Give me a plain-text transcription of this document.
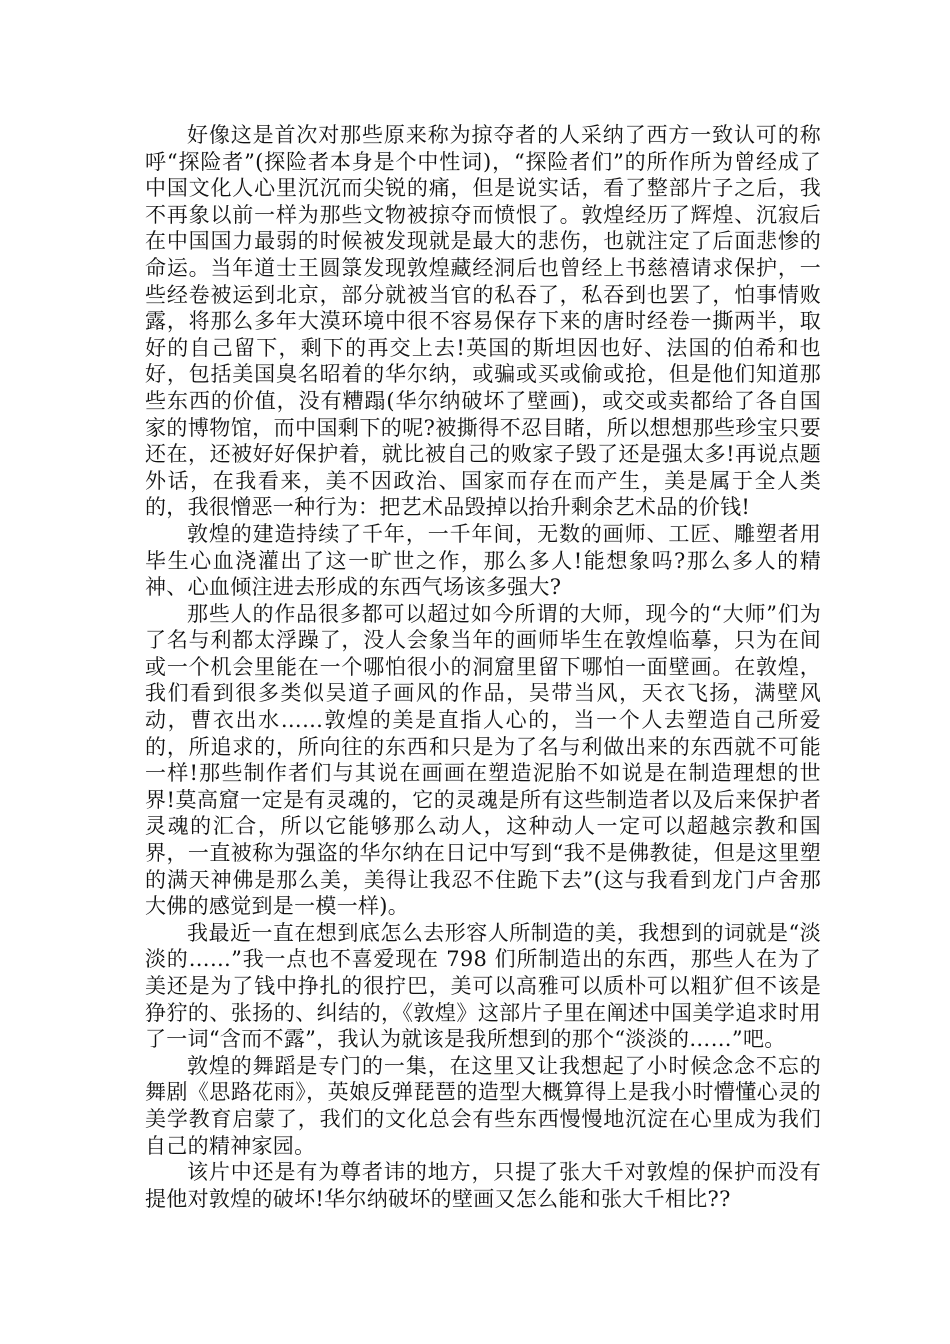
好像这是首次对那些原来称为掠夺者的人采纳了西方一致认可的称呼“探险者”(探险者本身是个中性词)，“探险者们”的所作所为曾经成了中国文化人心里沉沉而尖锐的痛，但是说实话，看了整部片子之后，我不再象以前一样为那些文物被掠夺而愤恨了。敦煌经历了辉煌、沉寂后在中国国力最弱的时候被发现就是最大的悲伤，也就注定了后面悲惨的命运。当年道士王圆箓发现敦煌藏经洞后也曾经上书慈禧请求保护，一些经卷被运到北京，部分就被当官的私吞了，私吞到也罢了，怕事情败露，将那么多年大漠环境中很不容易保存下来的唐时经卷一撕两半，取好的自己留下，剩下的再交上去!英国的斯坦因也好、法国的伯希和也好，包括美国臭名昭着的华尔纳，或骗或买或偷或抢，但是他们知道那些东西的价值，没有糟蹋(华尔纳破坏了壁画)，或交或卖都给了各自国家的博物馆，而中国剩下的呢?被撕得不忍目睹，所以想想那些珍宝只要还在，还被好好保护着，就比被自己的败家子毁了还是强太多!再说点题外话，在我看来，美不因政治、国家而存在而产生，美是属于全人类的，我很憎恶一种行为：把艺术品毁掉以抬升剩余艺术品的价钱!

敦煌的建造持续了千年，一千年间，无数的画师、工匠、雕塑者用毕生心血浇灌出了这一旷世之作，那么多人!能想象吗?那么多人的精神、心血倾注进去形成的东西气场该多强大?

那些人的作品很多都可以超过如今所谓的大师，现今的“大师”们为了名与利都太浮躁了，没人会象当年的画师毕生在敦煌临摹，只为在间或一个机会里能在一个哪怕很小的洞窟里留下哪怕一面壁画。在敦煌，我们看到很多类似吴道子画风的作品，吴带当风，天衣飞扬，满壁风动，曹衣出水……敦煌的美是直指人心的，当一个人去塑造自己所爱的，所追求的，所向往的东西和只是为了名与利做出来的东西就不可能一样!那些制作者们与其说在画画在塑造泥胎不如说是在制造理想的世界!莫高窟一定是有灵魂的，它的灵魂是所有这些制造者以及后来保护者灵魂的汇合，所以它能够那么动人，这种动人一定可以超越宗教和国界，一直被称为强盗的华尔纳在日记中写到“我不是佛教徒，但是这里塑的满天神佛是那么美，美得让我忍不住跪下去”(这与我看到龙门卢舍那大佛的感觉到是一模一样)。

我最近一直在想到底怎么去形容人所制造的美，我想到的词就是“淡淡的……”我一点也不喜爱现在 798 们所制造出的东西，那些人在为了美还是为了钱中挣扎的很拧巴，美可以高雅可以质朴可以粗犷但不该是狰狞的、张扬的、纠结的，《敦煌》这部片子里在阐述中国美学追求时用了一词“含而不露”，我认为就该是我所想到的那个“淡淡的……”吧。

敦煌的舞蹈是专门的一集，在这里又让我想起了小时候念念不忘的舞剧《思路花雨》，英娘反弹琵琶的造型大概算得上是我小时懵懂心灵的美学教育启蒙了，我们的文化总会有些东西慢慢地沉淀在心里成为我们自己的精神家园。

该片中还是有为尊者讳的地方，只提了张大千对敦煌的保护而没有提他对敦煌的破坏!华尔纳破坏的壁画又怎么能和张大千相比??
